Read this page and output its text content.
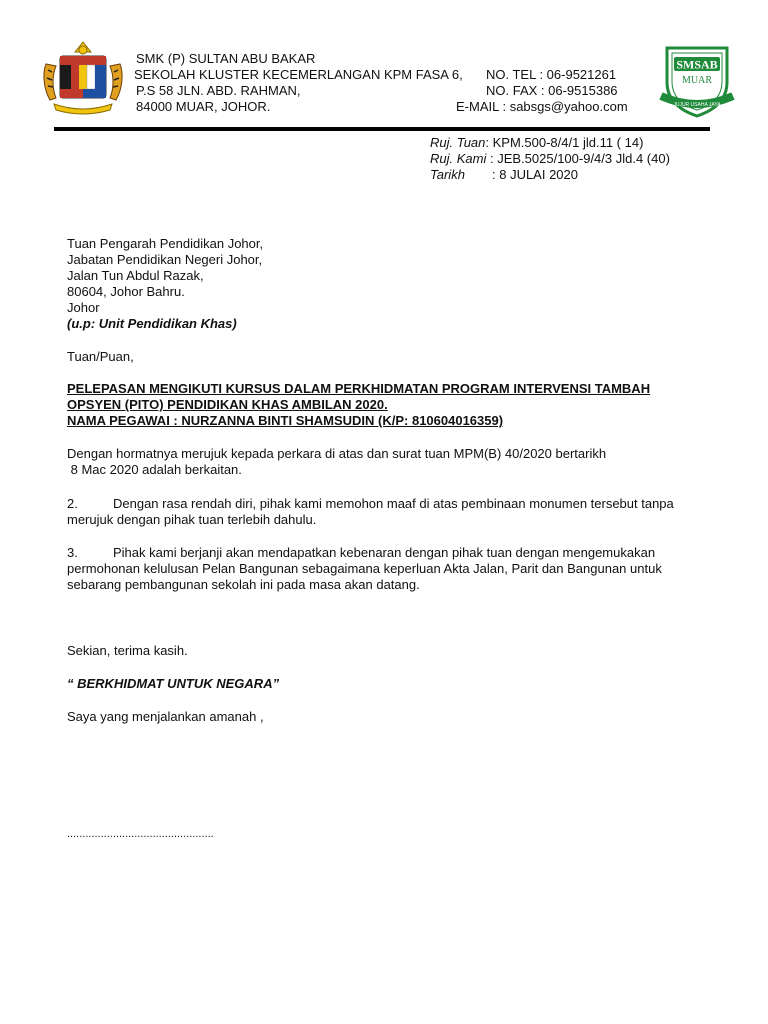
SMK (P) SULTAN ABU BAKAR
SEKOLAH KLUSTER KECEMERLANGAN KPM FASA 6,
P.S 58 JLN. ABD. RAHMAN,
84000 MUAR, JOHOR.
NO. TEL : 06-9521261
NO. FAX : 06-9515386
E-MAIL : sabsgs@yahoo.com
SMSAB
MUAR
JUJUR USAHA JAYA
Ruj. Tuan: KPM.500-8/4/1 jld.11 ( 14)
Ruj. Kami : JEB.5025/100-9/4/3 Jld.4 (40)
Tarikh : 8 JULAI 2020
Tuan Pengarah Pendidikan Johor,
Jabatan Pendidikan Negeri Johor,
Jalan Tun Abdul Razak,
80604, Johor Bahru.
Johor
(u.p: Unit Pendidikan Khas)
Tuan/Puan,
PELEPASAN MENGIKUTI KURSUS DALAM PERKHIDMATAN PROGRAM INTERVENSI TAMBAH
OPSYEN (PITO) PENDIDIKAN KHAS AMBILAN 2020.
NAMA PEGAWAI : NURZANNA BINTI SHAMSUDIN (K/P: 810604016359)
Dengan hormatnya merujuk kepada perkara di atas dan surat tuan MPM(B) 40/2020 bertarikh
8 Mac 2020 adalah berkaitan.
2.	Dengan rasa rendah diri, pihak kami memohon maaf di atas pembinaan monumen tersebut tanpa
merujuk dengan pihak tuan terlebih dahulu.
3.	Pihak kami berjanji akan mendapatkan kebenaran dengan pihak tuan dengan mengemukakan
permohonan kelulusan Pelan Bangunan sebagaimana keperluan Akta Jalan, Parit dan Bangunan untuk
sebarang pembangunan sekolah ini pada masa akan datang.
Sekian, terima kasih.
“ BERKHIDMAT UNTUK NEGARA”
Saya yang menjalankan amanah ,
................................................
